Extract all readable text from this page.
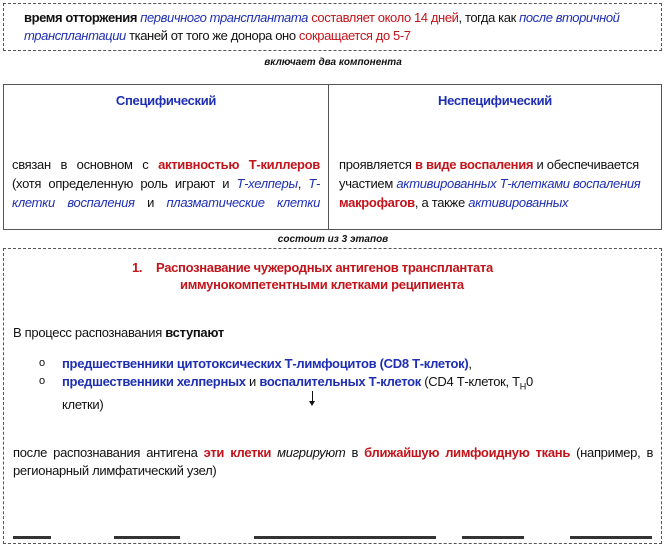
время отторжения первичного трансплантата составляет около 14 дней, тогда как после вторичной трансплантации тканей от того же донора оно сокращается до 5-7

включает два компонента
Специфический

связан в основном с активностью Т-киллеров (хотя определенную роль играют и Т-хелперы, Т-клетки воспаления и плазматические клетки

Неспецифический

проявляется в виде воспаления и обеспечивается участием активированных Т-клетками воспаления макрофагов, а также активированных

состоит из 3 этапов
1. Распознавание чужеродных антигенов трансплантата
иммунокомпетентными клетками реципиента
В процесс распознавания вступают
o предшественники цитотоксических Т-лимфоцитов (CD8 Т-клеток),
o предшественники хелперных и воспалительных Т-клеток (CD4 Т-клеток, $Т_Н0$
клетки)
после распознавания антигена эти клетки мигрируют в ближайшую лимфоидную ткань (например, в регионарный лимфатический узел)
